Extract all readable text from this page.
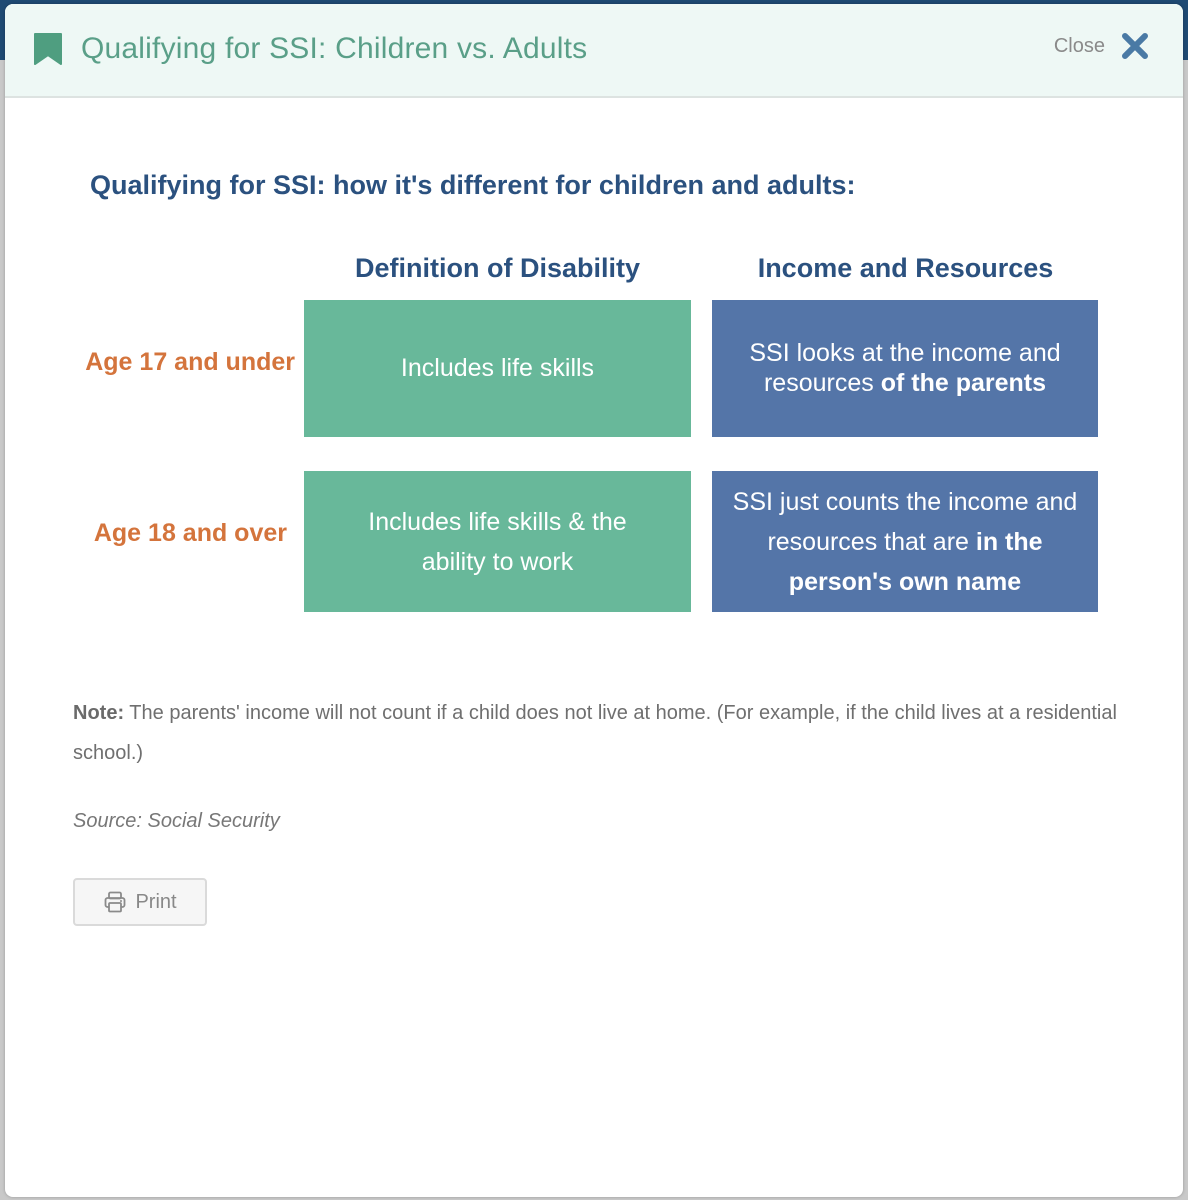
Qualifying for SSI: Children vs. Adults	Close
Qualifying for SSI: how it's different for children and adults:
Definition of Disability	Income and Resources
Age 17 and under
Age 18 and over
Includes life skills
SSI looks at the income and resources of the parents
Includes life skills & the ability to work
SSI just counts the income and resources that are in the person's own name
Note: The parents' income will not count if a child does not live at home. (For example, if the child lives at a residential school.)
Source: Social Security
Print
